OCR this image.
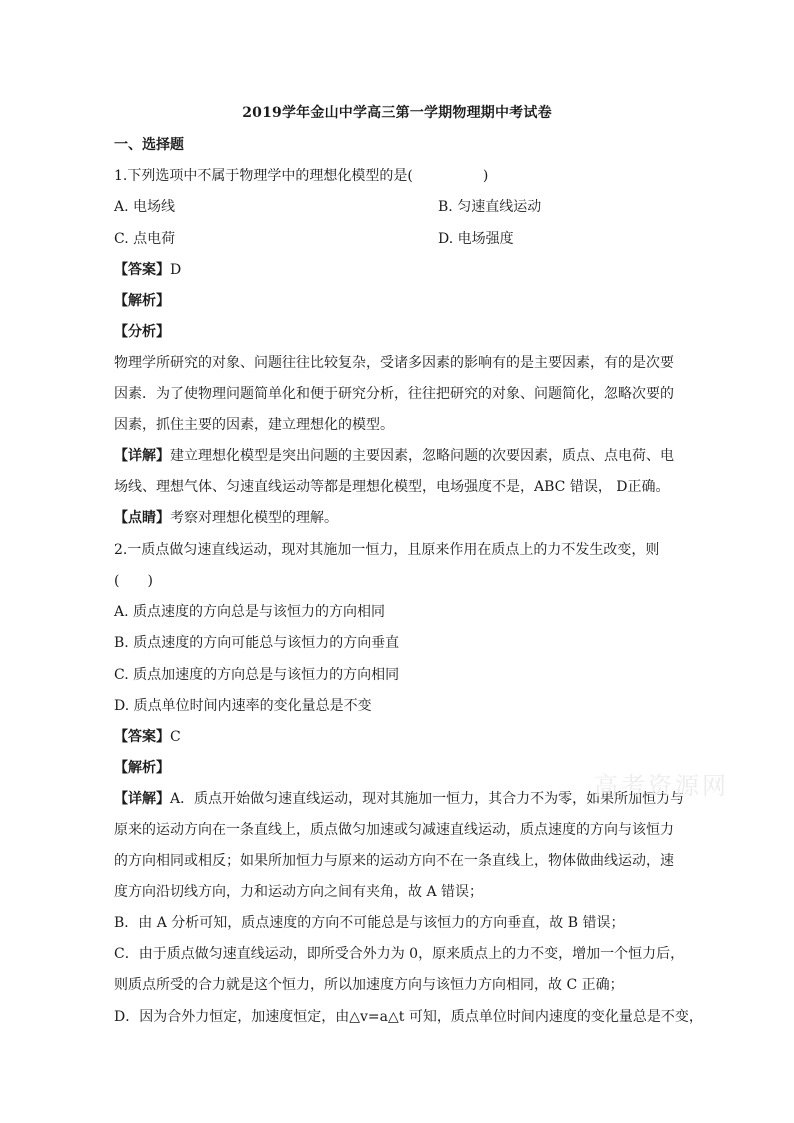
2019学年金山中学高三第一学期物理期中考试卷
一、选择题
1.下列选项中不属于物理学中的理想化模型的是(　　　　　)
A. 电场线	B. 匀速直线运动
C. 点电荷	D. 电场强度
【答案】D
【解析】
【分析】
物理学所研究的对象、问题往往比较复杂，受诸多因素的影响有的是主要因素，有的是次要
因素．为了使物理问题简单化和便于研究分析，往往把研究的对象、问题简化，忽略次要的
因素，抓住主要的因素，建立理想化的模型。
【详解】建立理想化模型是突出问题的主要因素，忽略问题的次要因素，质点、点电荷、电
场线、理想气体、匀速直线运动等都是理想化模型，电场强度不是，ABC 错误， D正确。
【点睛】考察对理想化模型的理解。
2.一质点做匀速直线运动，现对其施加一恒力，且原来作用在质点上的力不发生改变，则
(　　)
A. 质点速度的方向总是与该恒力的方向相同
B. 质点速度的方向可能总与该恒力的方向垂直
C. 质点加速度的方向总是与该恒力的方向相同
D. 质点单位时间内速率的变化量总是不变
【答案】C
【解析】
【详解】A．质点开始做匀速直线运动，现对其施加一恒力，其合力不为零，如果所加恒力与
原来的运动方向在一条直线上，质点做匀加速或匀减速直线运动，质点速度的方向与该恒力
的方向相同或相反；如果所加恒力与原来的运动方向不在一条直线上，物体做曲线运动，速
度方向沿切线方向，力和运动方向之间有夹角，故 A 错误；
B．由 A 分析可知，质点速度的方向不可能总是与该恒力的方向垂直，故 B 错误；
C．由于质点做匀速直线运动，即所受合外力为 0，原来质点上的力不变，增加一个恒力后，
则质点所受的合力就是这个恒力，所以加速度方向与该恒力方向相同，故 C 正确；
D．因为合外力恒定，加速度恒定，由△v=a△t 可知，质点单位时间内速度的变化量总是不变，
高考资源网
